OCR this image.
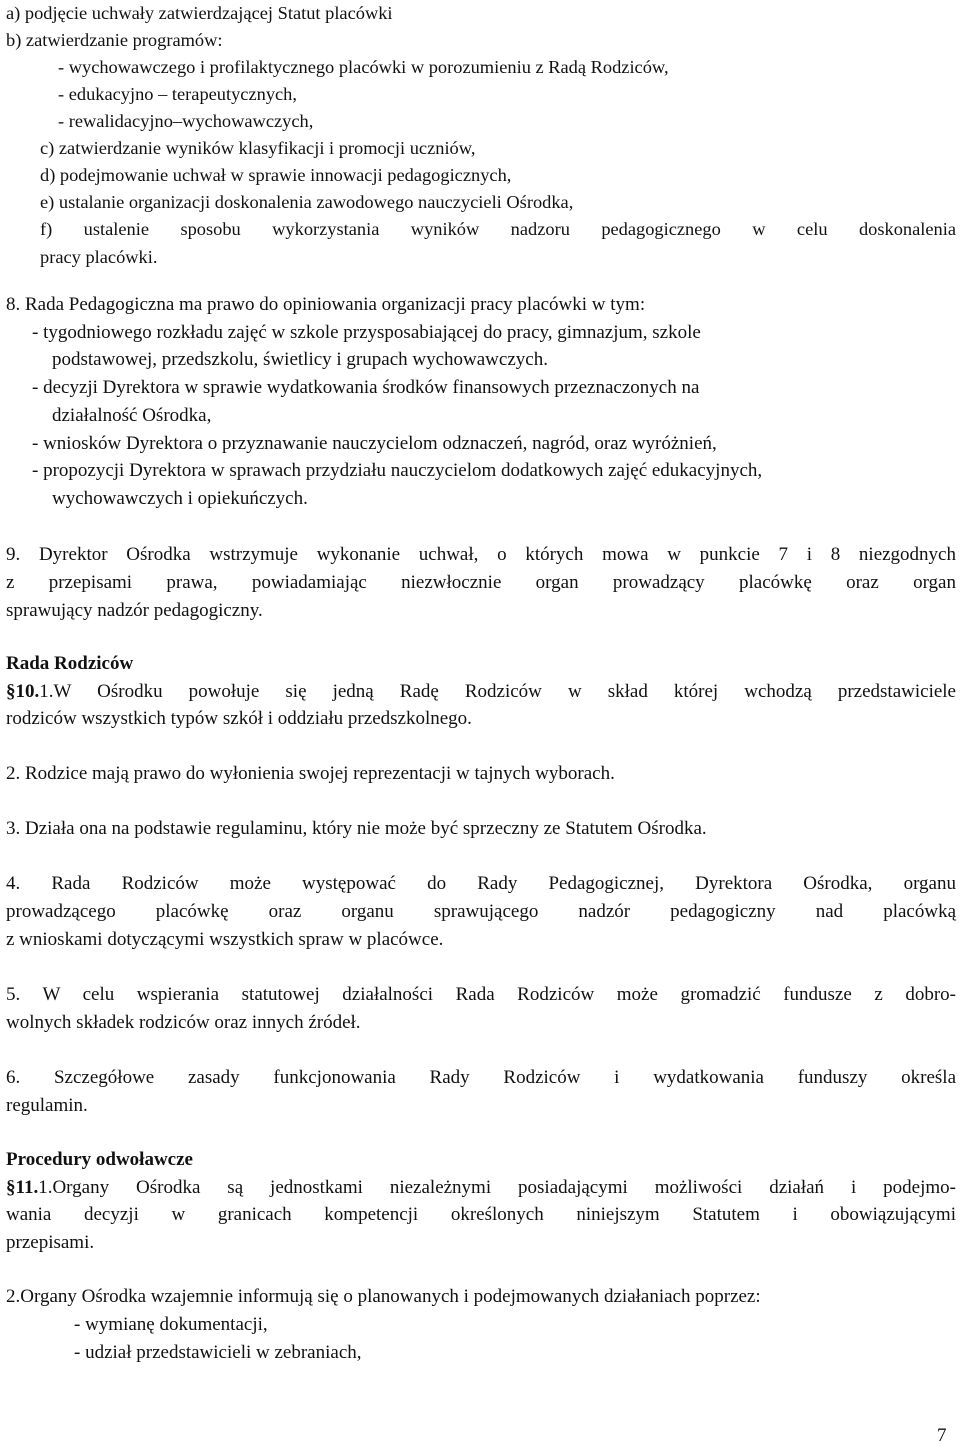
a) podjęcie uchwały zatwierdzającej Statut placówki
b) zatwierdzanie programów:
- wychowawczego i profilaktycznego placówki w porozumieniu z Radą Rodziców,
- edukacyjno – terapeutycznych,
- rewalidacyjno–wychowawczych,
c) zatwierdzanie wyników klasyfikacji i promocji uczniów,
d) podejmowanie uchwał w sprawie innowacji pedagogicznych,
e) ustalanie organizacji doskonalenia zawodowego nauczycieli Ośrodka,
f) ustalenie sposobu wykorzystania wyników nadzoru pedagogicznego w celu doskonalenia
pracy placówki.
8. Rada Pedagogiczna ma prawo do opiniowania organizacji pracy placówki w tym:
- tygodniowego rozkładu zajęć w szkole przysposabiającej do pracy, gimnazjum, szkole
podstawowej, przedszkolu, świetlicy i grupach wychowawczych.
- decyzji Dyrektora w sprawie wydatkowania środków finansowych przeznaczonych na
działalność Ośrodka,
- wniosków Dyrektora o przyznawanie nauczycielom odznaczeń, nagród, oraz wyróżnień,
- propozycji Dyrektora w sprawach przydziału nauczycielom dodatkowych zajęć edukacyjnych,
wychowawczych i opiekuńczych.
9. Dyrektor Ośrodka wstrzymuje wykonanie uchwał, o których mowa w punkcie 7 i 8 niezgodnych
z przepisami prawa, powiadamiając niezwłocznie organ prowadzący placówkę oraz organ
sprawujący nadzór pedagogiczny.
Rada Rodziców
§10.1.W Ośrodku powołuje się jedną Radę Rodziców w skład której wchodzą przedstawiciele
rodziców wszystkich typów szkół i oddziału przedszkolnego.
2. Rodzice mają prawo do wyłonienia swojej reprezentacji w tajnych wyborach.
3. Działa ona na podstawie regulaminu, który nie może być sprzeczny ze Statutem Ośrodka.
4. Rada Rodziców może występować do Rady Pedagogicznej, Dyrektora Ośrodka, organu
prowadzącego placówkę oraz organu sprawującego nadzór pedagogiczny nad placówką
z wnioskami dotyczącymi wszystkich spraw w placówce.
5. W celu wspierania statutowej działalności Rada Rodziców może gromadzić fundusze z dobro-
wolnych składek rodziców oraz innych źródeł.
6. Szczegółowe zasady funkcjonowania Rady Rodziców i wydatkowania funduszy określa
regulamin.
Procedury odwoławcze
§11.1.Organy Ośrodka są jednostkami niezależnymi posiadającymi możliwości działań i podejmo-
wania decyzji w granicach kompetencji określonych niniejszym Statutem i obowiązującymi
przepisami.
2.Organy Ośrodka wzajemnie informują się o planowanych i podejmowanych działaniach poprzez:
- wymianę dokumentacji,
- udział przedstawicieli w zebraniach,
7
